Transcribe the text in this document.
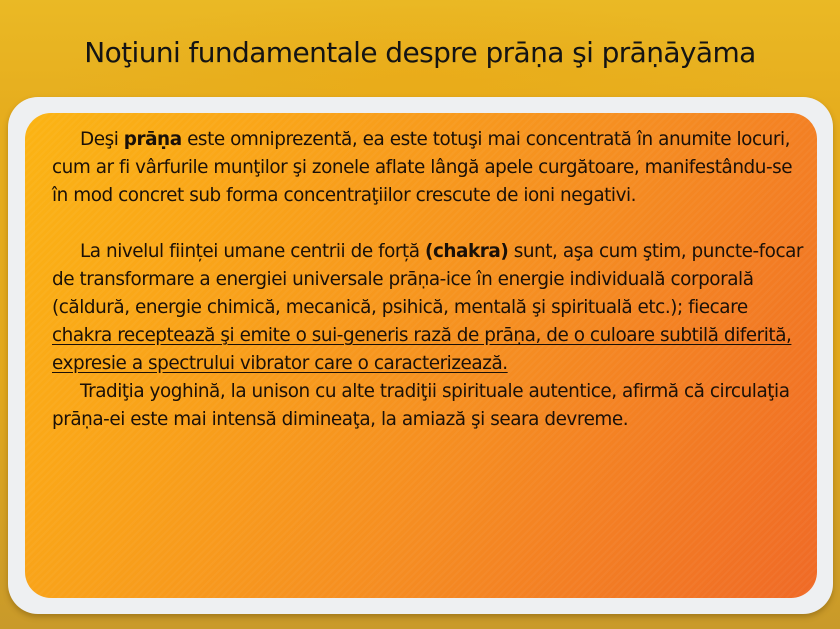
Noţiuni fundamentale despre prāṇa şi prāṇāyāma

Deşi prāṇa este omniprezentă, ea este totuşi mai concentrată în anumite locuri, cum ar fi vârfurile munţilor şi zonele aflate lângă apele curgătoare, manifestându-se în mod concret sub forma concentraţiilor crescute de ioni negativi.

La nivelul ființei umane centrii de forță (chakra) sunt, aşa cum ştim, puncte-focar de transformare a energiei universale prāṇa-ice în energie individuală corporală (căldură, energie chimică, mecanică, psihică, mentală şi spirituală etc.); fiecare chakra receptează şi emite o sui-generis rază de prāṇa, de o culoare subtilă diferită, expresie a spectrului vibrator care o caracterizează.

Tradiţia yoghină, la unison cu alte tradiţii spirituale autentice, afirmă că circulaţia prāṇa-ei este mai intensă dimineaţa, la amiază şi seara devreme.
